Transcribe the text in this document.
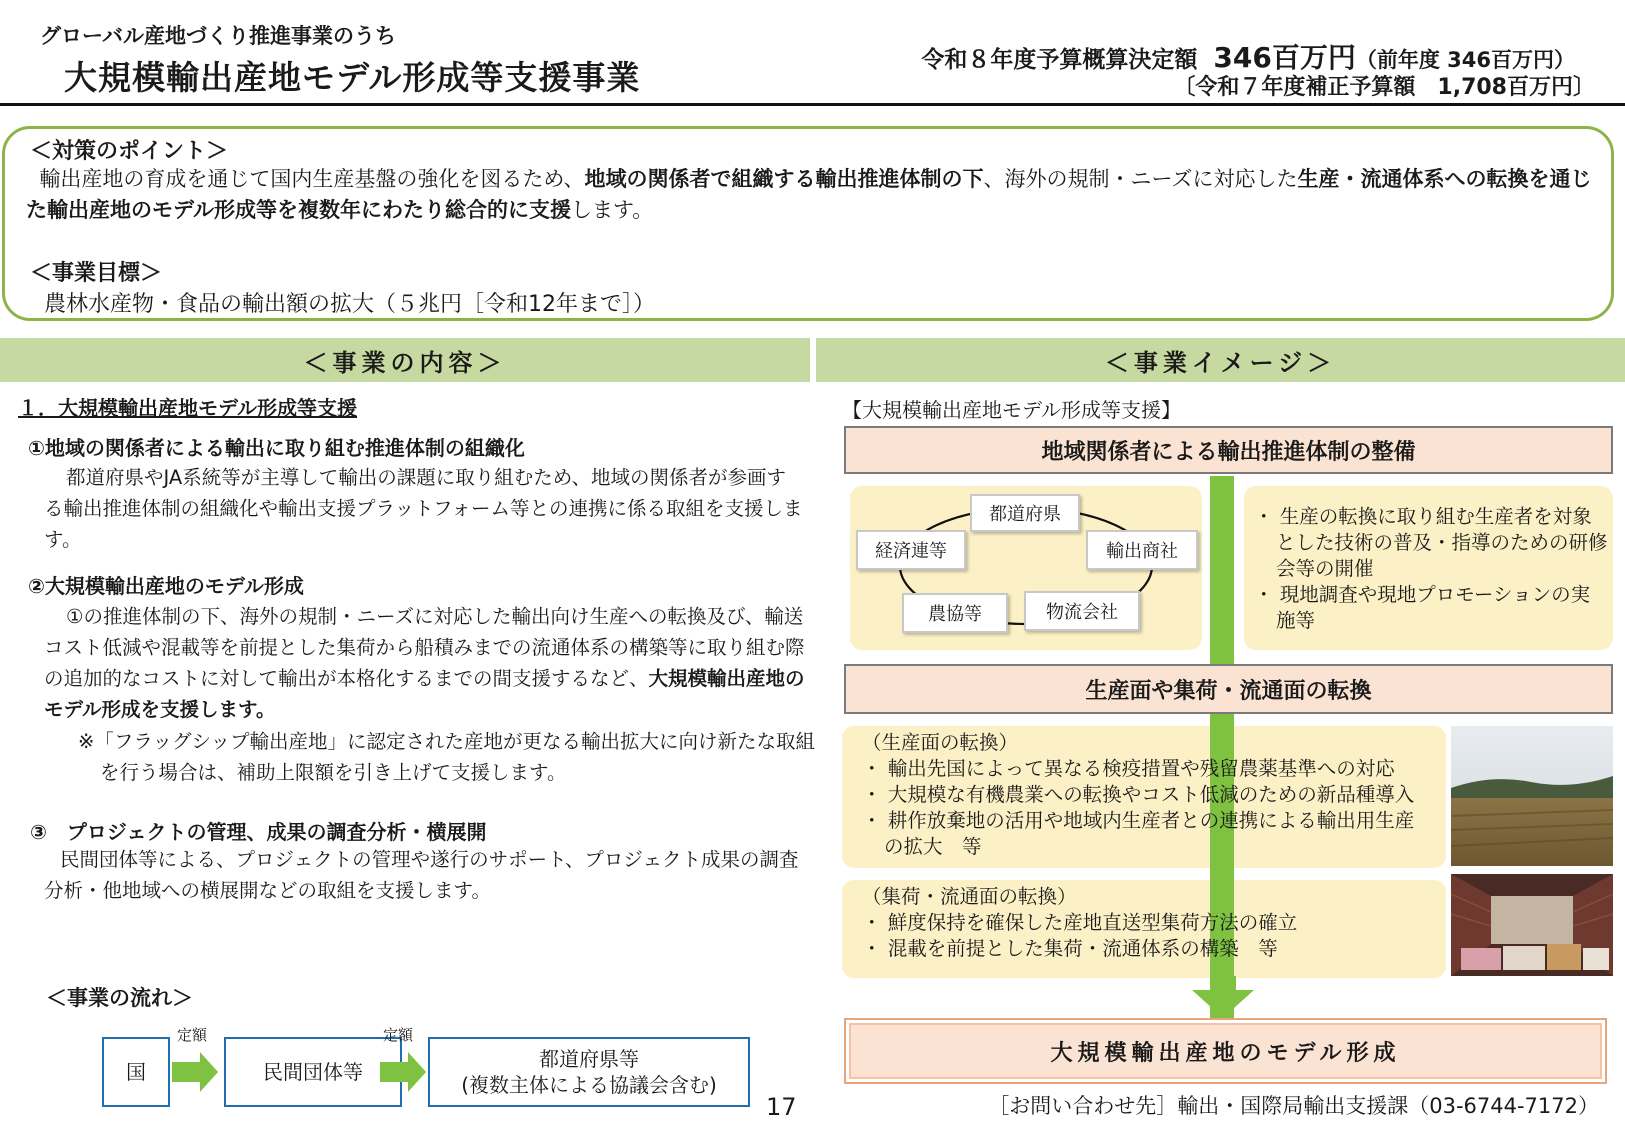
グローバル産地づくり推進事業のうち
大規模輸出産地モデル形成等支援事業	令和８年度予算概算決定額 346百万円（前年度 346百万円）
〔令和７年度補正予算額　1,708百万円〕
＜対策のポイント＞
輸出産地の育成を通じて国内生産基盤の強化を図るため、地域の関係者で組織する輸出推進体制の下、海外の規制・ニーズに対応した生産・流通体系への転換を通じた輸出産地のモデル形成等を複数年にわたり総合的に支援します。
＜事業目標＞
農林水産物・食品の輸出額の拡大（５兆円［令和12年まで］）
＜事業の内容＞	＜事業イメージ＞
１．大規模輸出産地モデル形成等支援
①地域の関係者による輸出に取り組む推進体制の組織化
都道府県やJA系統等が主導して輸出の課題に取り組むため、地域の関係者が参画する輸出推進体制の組織化や輸出支援プラットフォーム等との連携に係る取組を支援します。
②大規模輸出産地のモデル形成
①の推進体制の下、海外の規制・ニーズに対応した輸出向け生産への転換及び、輸送コスト低減や混載等を前提とした集荷から船積みまでの流通体系の構築等に取り組む際の追加的なコストに対して輸出が本格化するまでの間支援するなど、大規模輸出産地のモデル形成を支援します。
※「フラッグシップ輸出産地」に認定された産地が更なる輸出拡大に向け新たな取組を行う場合は、補助上限額を引き上げて支援します。
③　プロジェクトの管理、成果の調査分析・横展開
民間団体等による、プロジェクトの管理や遂行のサポート、プロジェクト成果の調査分析・他地域への横展開などの取組を支援します。
＜事業の流れ＞
国	民間団体等
都道府県等
(複数主体による協議会含む)
定額	定額
17
【大規模輸出産地モデル形成等支援】
地域関係者による輸出推進体制の整備
都道府県
経済連等	輸出商社
農協等	物流会社
・ 生産の転換に取り組む生産者を対象とした技術の普及・指導のための研修会等の開催
・ 現地調査や現地プロモーションの実施等
生産面や集荷・流通面の転換
（生産面の転換）
・ 輸出先国によって異なる検疫措置や残留農薬基準への対応
・ 大規模な有機農業への転換やコスト低減のための新品種導入
・ 耕作放棄地の活用や地域内生産者との連携による輸出用生産の拡大　等
（集荷・流通面の転換）
・ 鮮度保持を確保した産地直送型集荷方法の確立
・ 混載を前提とした集荷・流通体系の構築　等
大規模輸出産地のモデル形成
［お問い合わせ先］輸出・国際局輸出支援課（03-6744-7172）
